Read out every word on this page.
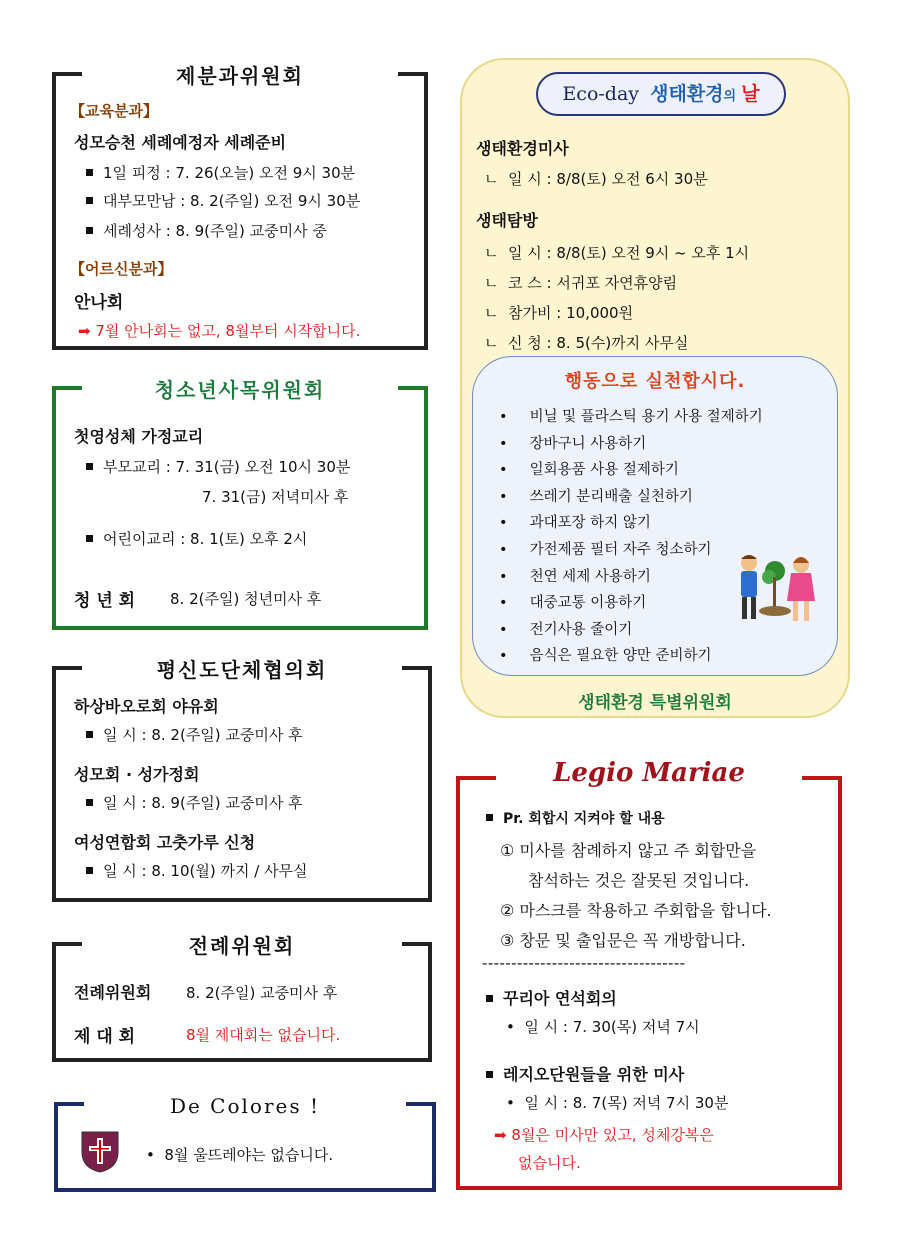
제분과위원회
【교육분과】
성모승천 세례예정자 세례준비
1일 피정 : 7. 26(오늘) 오전 9시 30분
대부모만남 : 8. 2(주일) 오전 9시 30분
세례성사 : 8. 9(주일) 교중미사 중
【어르신분과】
안나회
➡ 7월 안나회는 없고, 8월부터 시작합니다.
청소년사목위원회
첫영성체 가정교리
부모교리 : 7. 31(금) 오전 10시 30분
7. 31(금) 저녁미사 후
어린이교리 : 8. 1(토) 오후 2시
청 년 회 8. 2(주일) 청년미사 후
평신도단체협의회
하상바오로회 야유회
일 시 : 8. 2(주일) 교중미사 후
성모회 · 성가정회
일 시 : 8. 9(주일) 교중미사 후
여성연합회 고춧가루 신청
일 시 : 8. 10(월) 까지 / 사무실
전례위원회
전례위원회 8. 2(주일) 교중미사 후
제 대 회	8월 제대회는 없습니다.
De Colores !
•  8월 울뜨레야는 없습니다.
Eco-day 생태환경의 날
생태환경미사
ㄴ  일 시 : 8/8(토) 오전 6시 30분
생태탐방
ㄴ  일 시 : 8/8(토) 오전 9시 ~ 오후 1시
ㄴ  코 스 : 서귀포 자연휴양림
ㄴ  참가비 : 10,000원
ㄴ  신 청 : 8. 5(수)까지 사무실
행동으로 실천합시다.
• 비닐 및 플라스틱 용기 사용 절제하기
• 장바구니 사용하기
• 일회용품 사용 절제하기
• 쓰레기 분리배출 실천하기
• 과대포장 하지 않기
• 가전제품 필터 자주 청소하기
• 천연 세제 사용하기
• 대중교통 이용하기
• 전기사용 줄이기
• 음식은 필요한 양만 준비하기
생태환경 특별위원회
Legio Mariae
Pr. 회합시 지켜야 할 내용
① 미사를 참례하지 않고 주 회합만을
참석하는 것은 잘못된 것입니다.
② 마스크를 착용하고 주회합을 합니다.
③ 창문 및 출입문은 꼭 개방합니다.
-----------------------------------
꾸리아 연석회의
•  일 시 : 7. 30(목) 저녁 7시
레지오단원들을 위한 미사
•  일 시 : 8. 7(목) 저녁 7시 30분
➡ 8월은 미사만 있고, 성체강복은
없습니다.
